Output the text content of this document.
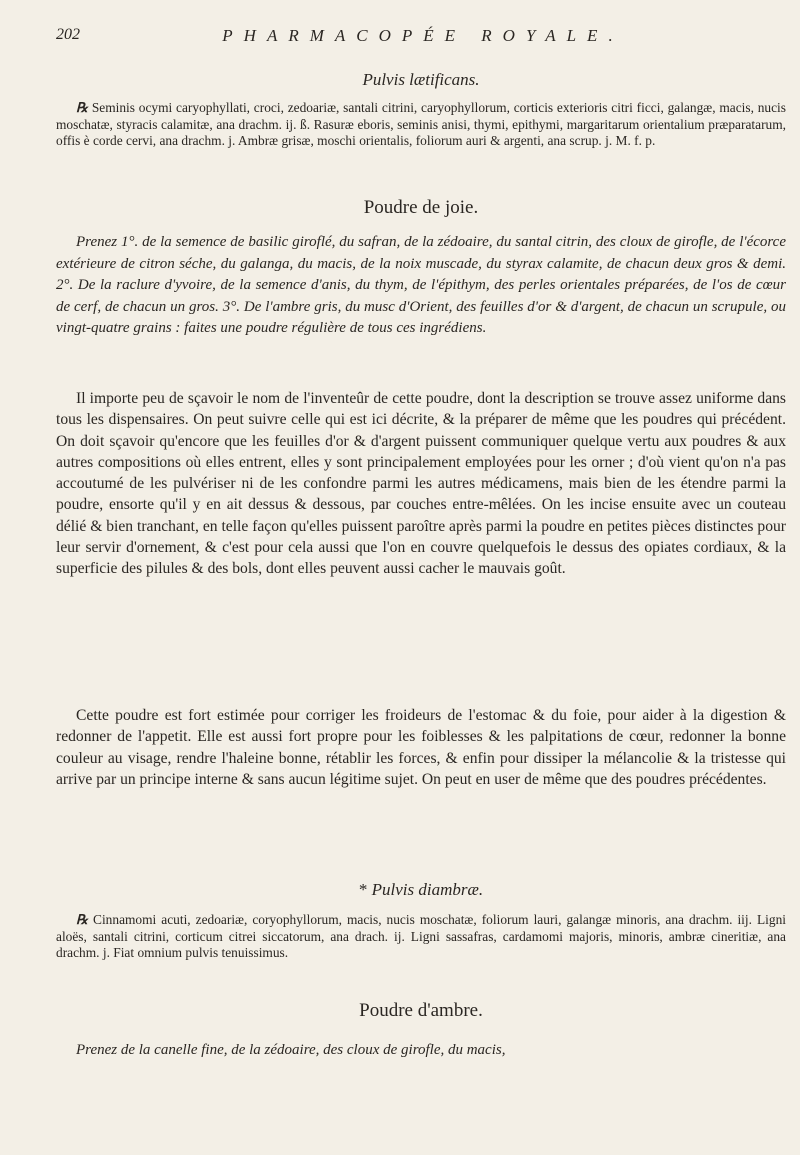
202	PHARMACOPÉE ROYALE.
Pulvis lætificans.
℞ Seminis ocymi caryophyllati, croci, zedoariæ, santali citrini, caryophyllorum, corticis exterioris citri ficci, galangæ, macis, nucis moschatæ, styracis calamitæ, ana drachm. ij. ß. Rasuræ eboris, seminis anisi, thymi, epithymi, margaritarum orientalium præparatarum, offis è corde cervi, ana drachm. j. Ambræ grisæ, moschi orientalis, foliorum auri & argenti, ana scrup. j. M. f. p.
Poudre de joie.
Prenez 1°. de la semence de basilic giroflé, du safran, de la zédoaire, du santal citrin, des cloux de girofle, de l'écorce extérieure de citron séche, du galanga, du macis, de la noix muscade, du styrax calamite, de chacun deux gros & demi. 2°. De la raclure d'yvoire, de la semence d'anis, du thym, de l'épithym, des perles orientales préparées, de l'os de cœur de cerf, de chacun un gros. 3°. De l'ambre gris, du musc d'Orient, des feuilles d'or & d'argent, de chacun un scrupule, ou vingt-quatre grains : faites une poudre régulière de tous ces ingrédiens.
Il importe peu de sçavoir le nom de l'inventeûr de cette poudre, dont la description se trouve assez uniforme dans tous les dispensaires. On peut suivre celle qui est ici décrite, & la préparer de même que les poudres qui précédent. On doit sçavoir qu'encore que les feuilles d'or & d'argent puissent communiquer quelque vertu aux poudres & aux autres compositions où elles entrent, elles y sont principalement employées pour les orner ; d'où vient qu'on n'a pas accoutumé de les pulvériser ni de les confondre parmi les autres médicamens, mais bien de les étendre parmi la poudre, ensorte qu'il y en ait dessus & dessous, par couches entre-mêlées. On les incise ensuite avec un couteau délié & bien tranchant, en telle façon qu'elles puissent paroître après parmi la poudre en petites pièces distinctes pour leur servir d'ornement, & c'est pour cela aussi que l'on en couvre quelquefois le dessus des opiates cordiaux, & la superficie des pilules & des bols, dont elles peuvent aussi cacher le mauvais goût.
Cette poudre est fort estimée pour corriger les froideurs de l'estomac & du foie, pour aider à la digestion & redonner de l'appetit. Elle est aussi fort propre pour les foiblesses & les palpitations de cœur, redonner la bonne couleur au visage, rendre l'haleine bonne, rétablir les forces, & enfin pour dissiper la mélancolie & la tristesse qui arrive par un principe interne & sans aucun légitime sujet. On peut en user de même que des poudres précédentes.
* Pulvis diambræ.
℞ Cinnamomi acuti, zedoariæ, coryophyllorum, macis, nucis moschatæ, foliorum lauri, galangæ minoris, ana drachm. iij. Ligni aloës, santali citrini, corticum citrei siccatorum, ana drach. ij. Ligni sassafras, cardamomi majoris, minoris, ambræ cineritiæ, ana drachm. j. Fiat omnium pulvis tenuissimus.
Poudre d'ambre.
Prenez de la canelle fine, de la zédoaire, des cloux de girofle, du macis,
